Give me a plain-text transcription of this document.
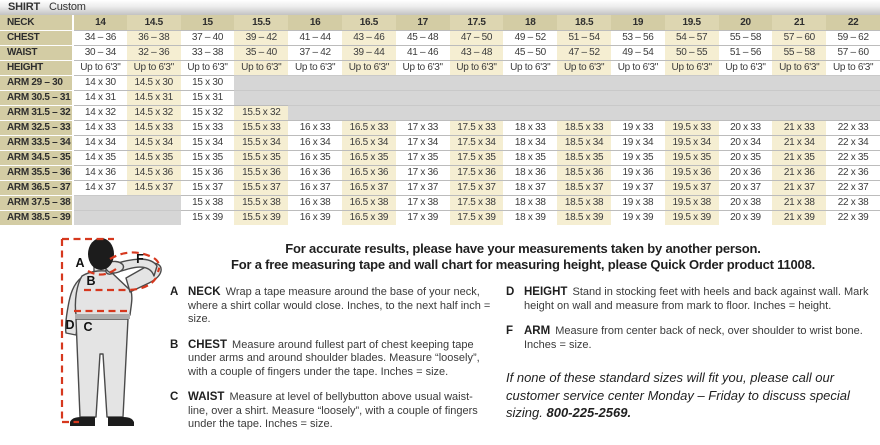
SHIRT Custom
NECK	14	14.5	15	15.5	16	16.5	17	17.5	18	18.5	19	19.5	20	21	22
CHEST	34 – 36	36 – 38	37 – 40	39 – 42	41 – 44	43 – 46	45 – 48	47 – 50	49 – 52	51 – 54	53 – 56	54 – 57	55 – 58	57 – 60	59 – 62
WAIST	30 – 34	32 – 36	33 – 38	35 – 40	37 – 42	39 – 44	41 – 46	43 – 48	45 – 50	47 – 52	49 – 54	50 – 55	51 – 56	55 – 58	57 – 60
HEIGHT	Up to 6'3"	Up to 6'3"	Up to 6'3"	Up to 6'3"	Up to 6'3"	Up to 6'3"	Up to 6'3"	Up to 6'3"	Up to 6'3"	Up to 6'3"	Up to 6'3"	Up to 6'3"	Up to 6'3"	Up to 6'3"	Up to 6'3"
ARM 29 – 30	14 x 30	14.5 x 30	15 x 30												
ARM 30.5 – 31	14 x 31	14.5 x 31	15 x 31												
ARM 31.5 – 32	14 x 32	14.5 x 32	15 x 32	15.5 x 32											
ARM 32.5 – 33	14 x 33	14.5 x 33	15 x 33	15.5 x 33	16 x 33	16.5 x 33	17 x 33	17.5 x 33	18 x 33	18.5 x 33	19 x 33	19.5 x 33	20 x 33	21 x 33	22 x 33
ARM 33.5 – 34	14 x 34	14.5 x 34	15 x 34	15.5 x 34	16 x 34	16.5 x 34	17 x 34	17.5 x 34	18 x 34	18.5 x 34	19 x 34	19.5 x 34	20 x 34	21 x 34	22 x 34
ARM 34.5 – 35	14 x 35	14.5 x 35	15 x 35	15.5 x 35	16 x 35	16.5 x 35	17 x 35	17.5 x 35	18 x 35	18.5 x 35	19 x 35	19.5 x 35	20 x 35	21 x 35	22 x 35
ARM 35.5 – 36	14 x 36	14.5 x 36	15 x 36	15.5 x 36	16 x 36	16.5 x 36	17 x 36	17.5 x 36	18 x 36	18.5 x 36	19 x 36	19.5 x 36	20 x 36	21 x 36	22 x 36
ARM 36.5 – 37	14 x 37	14.5 x 37	15 x 37	15.5 x 37	16 x 37	16.5 x 37	17 x 37	17.5 x 37	18 x 37	18.5 x 37	19 x 37	19.5 x 37	20 x 37	21 x 37	22 x 37
ARM 37.5 – 38			15 x 38	15.5 x 38	16 x 38	16.5 x 38	17 x 38	17.5 x 38	18 x 38	18.5 x 38	19 x 38	19.5 x 38	20 x 38	21 x 38	22 x 38
ARM 38.5 – 39			15 x 39	15.5 x 39	16 x 39	16.5 x 39	17 x 39	17.5 x 39	18 x 39	18.5 x 39	19 x 39	19.5 x 39	20 x 39	21 x 39	22 x 39
A
B
C
D
F
For accurate results, please have your measurements taken by another person.
For a free measuring tape and wall chart for measuring height, please Quick Order product 11008.
A NECK Wrap a tape measure around the base of your neck, where a shirt collar would close. Inches, to the next half inch = size.

B CHEST Measure around fullest part of chest keeping tape under arms and around shoulder blades. Measure “loosely”, with a couple of fingers under the tape. Inches = size.

C WAIST Measure at level of bellybutton above usual waist-line, over a shirt. Measure “loosely”, with a couple of fingers under the tape. Inches = size.

D HEIGHT Stand in stocking feet with heels and back against wall. Mark height on wall and measure from mark to floor. Inches = height.

F ARM Measure from center back of neck, over shoulder to wrist bone. Inches = size.

If none of these standard sizes will fit you, please call our customer service center Monday – Friday to discuss special sizing. 800-225-2569.
